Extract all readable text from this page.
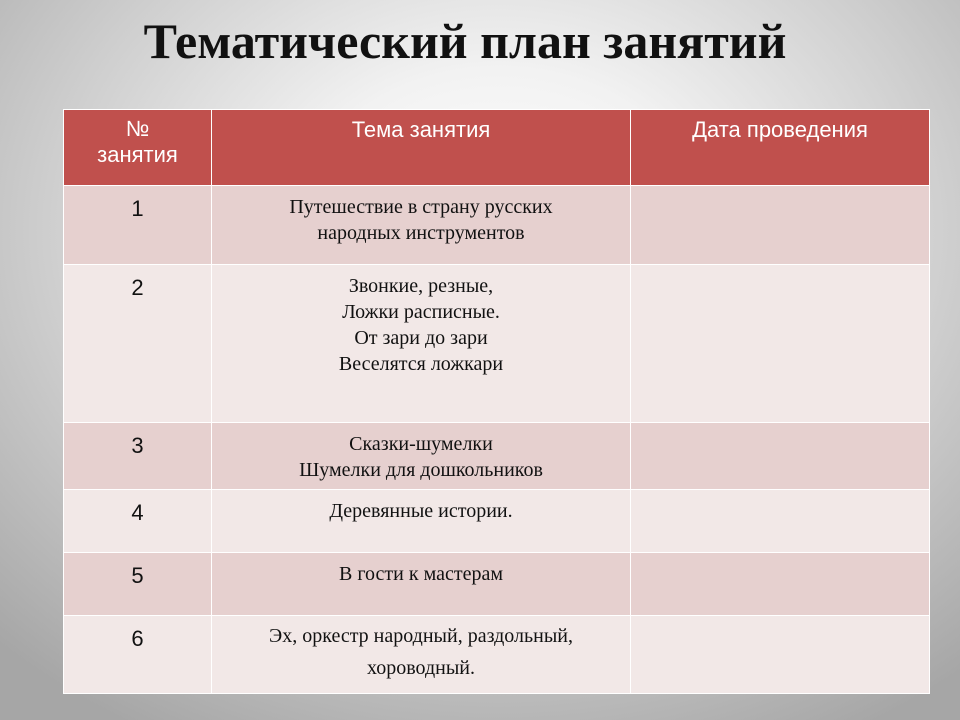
Тематический план занятий
№
занятия	Тема занятия	Дата проведения
1	Путешествие в страну русских
народных инструментов	

2	Звонкие, резные,
Ложки расписные.
От зари до зари
Веселятся ложкари	

3	Сказки-шумелки
Шумелки для дошкольников	

4	Деревянные истории.	

5	В гости к мастерам	

6	Эх, оркестр народный, раздольный,
хороводный.	
